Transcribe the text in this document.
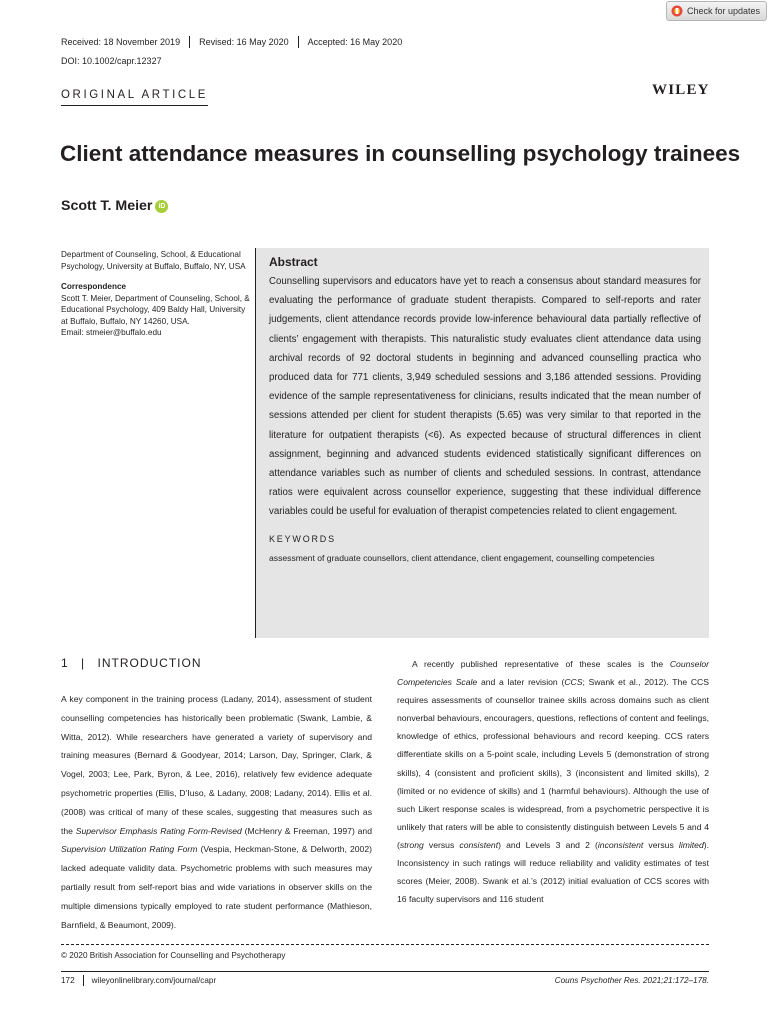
Check for updates
Received: 18 November 2019	Revised: 16 May 2020	Accepted: 16 May 2020
DOI: 10.1002/capr.12327
ORIGINAL ARTICLE	WILEY
Client attendance measures in counselling psychology trainees
Scott T. Meier iD

Department of Counseling, School, & Educational Psychology, University at Buffalo, Buffalo, NY, USA

Correspondence
Scott T. Meier, Department of Counseling, School, & Educational Psychology, 409 Baldy Hall, University at Buffalo, Buffalo, NY 14260, USA.
Email: stmeier@buffalo.edu
Abstract
Counselling supervisors and educators have yet to reach a consensus about standard measures for evaluating the performance of graduate student therapists. Compared to self-reports and rater judgements, client attendance records provide low-inference behavioural data partially reflective of clients’ engagement with therapists. This naturalistic study evaluates client attendance data using archival records of 92 doctoral students in beginning and advanced counselling practica who produced data for 771 clients, 3,949 scheduled sessions and 3,186 attended sessions. Providing evidence of the sample representativeness for clinicians, results indicated that the mean number of sessions attended per client for student therapists (5.65) was very similar to that reported in the literature for outpatient therapists (<6). As expected because of structural differences in client assignment, beginning and advanced students evidenced statistically significant differences on attendance variables such as number of clients and scheduled sessions. In contrast, attendance ratios were equivalent across counsellor experience, suggesting that these individual difference variables could be useful for evaluation of therapist competencies related to client engagement.
KEYWORDS
assessment of graduate counsellors, client attendance, client engagement, counselling competencies
1 | INTRODUCTION

A key component in the training process (Ladany, 2014), assessment of student counselling competencies has historically been problematic (Swank, Lambie, & Witta, 2012). While researchers have generated a variety of supervisory and training measures (Bernard & Goodyear, 2014; Larson, Day, Springer, Clark, & Vogel, 2003; Lee, Park, Byron, & Lee, 2016), relatively few evidence adequate psychometric properties (Ellis, D’Iuso, & Ladany, 2008; Ladany, 2014). Ellis et al. (2008) was critical of many of these scales, suggesting that measures such as the Supervisor Emphasis Rating Form-Revised (McHenry & Freeman, 1997) and Supervision Utilization Rating Form (Vespia, Heckman-Stone, & Delworth, 2002) lacked adequate validity data. Psychometric problems with such measures may partially result from self-report bias and wide variations in observer skills on the multiple dimensions typically employed to rate student performance (Mathieson, Barnfield, & Beaumont, 2009).

A recently published representative of these scales is the Counselor Competencies Scale and a later revision (CCS; Swank et al., 2012). The CCS requires assessments of counsellor trainee skills across domains such as client nonverbal behaviours, encouragers, questions, reflections of content and feelings, knowledge of ethics, professional behaviours and record keeping. CCS raters differentiate skills on a 5-point scale, including Levels 5 (demonstration of strong skills), 4 (consistent and proficient skills), 3 (inconsistent and limited skills), 2 (limited or no evidence of skills) and 1 (harmful behaviours). Although the use of such Likert response scales is widespread, from a psychometric perspective it is unlikely that raters will be able to consistently distinguish between Levels 5 and 4 (strong versus consistent) and Levels 3 and 2 (inconsistent versus limited). Inconsistency in such ratings will reduce reliability and validity estimates of test scores (Meier, 2008). Swank et al.’s (2012) initial evaluation of CCS scores with 16 faculty supervisors and 116 student

© 2020 British Association for Counselling and Psychotherapy
172	wileyonlinelibrary.com/journal/capr	Couns Psychother Res. 2021;21:172–178.
